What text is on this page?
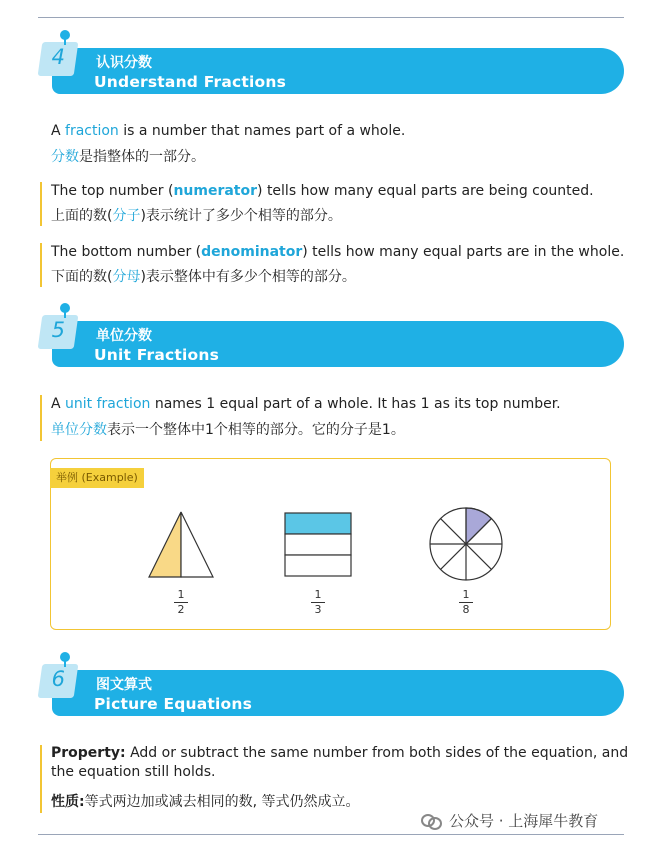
4	认识分数
Understand Fractions
A fraction is a number that names part of a whole.
分数是指整体的一部分。
The top number (numerator) tells how many equal parts are being counted.
上面的数(分子)表示统计了多少个相等的部分。
The bottom number (denominator) tells how many equal parts are in the whole.
下面的数(分母)表示整体中有多少个相等的部分。
5	单位分数
Unit Fractions
A unit fraction names 1 equal part of a whole. It has 1 as its top number.
单位分数表示一个整体中1个相等的部分。它的分子是1。
举例 (Example)
1
2
1
3
1
8
6	图文算式
Picture Equations
Property: Add or subtract the same number from both sides of the equation, and the equation still holds.
性质:等式两边加或减去相同的数, 等式仍然成立。
公众号 · 上海犀牛教育
